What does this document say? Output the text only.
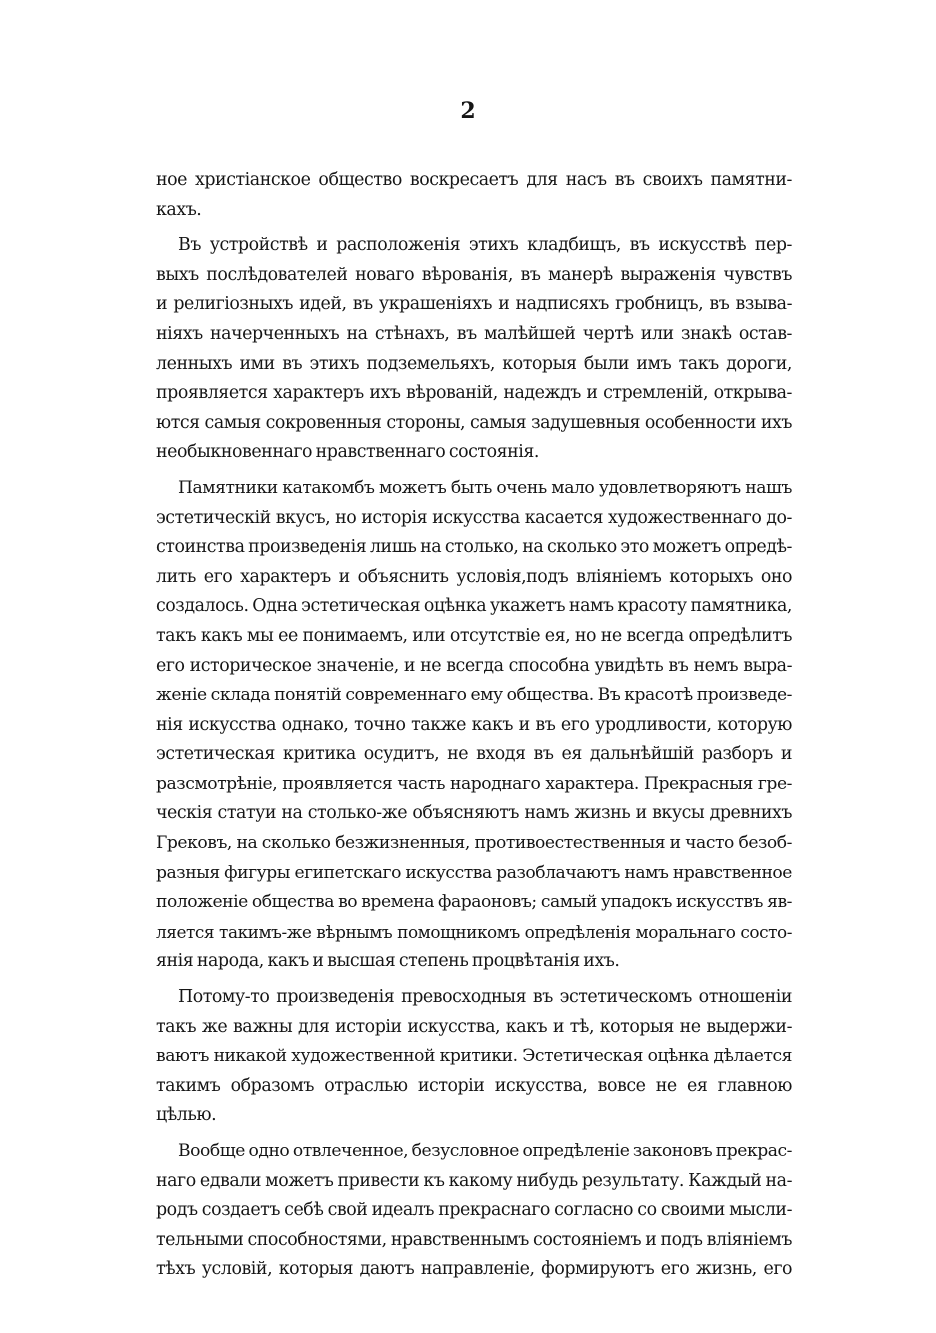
2
ное христіанское общество воскресаетъ для насъ въ своихъ памятни-
кахъ.
Въ устройствѣ и расположенія этихъ кладбищъ, въ искусствѣ пер-
выхъ послѣдователей новаго вѣрованія, въ манерѣ выраженія чувствъ
и религіозныхъ идей, въ украшеніяхъ и надписяхъ гробницъ, въ взыва-
ніяхъ начерченныхъ на стѣнахъ, въ малѣйшей чертѣ или знакѣ остав-
ленныхъ ими въ этихъ подземельяхъ, которыя были имъ такъ дороги,
проявляется характеръ ихъ вѣрованій, надеждъ и стремленій, открыва-
ются самыя сокровенныя стороны, самыя задушевныя особенности ихъ
необыкновеннаго нравственнаго состоянія.
Памятники катакомбъ можетъ быть очень мало удовлетворяютъ нашъ
эстетическій вкусъ, но исторія искусства касается художественнаго до-
стоинства произведенія лишь на столько, на сколько это можетъ опредѣ-
лить его характеръ и объяснить условія,подъ вліяніемъ которыхъ оно
создалось. Одна эстетическая оцѣнка укажетъ намъ красоту памятника,
такъ какъ мы ее понимаемъ, или отсутствіе ея, но не всегда опредѣлитъ
его историческое значеніе, и не всегда способна увидѣть въ немъ выра-
женіе склада понятій современнаго ему общества. Въ красотѣ произведе-
нія искусства однако, точно также какъ и въ его уродливости, которую
эстетическая критика осудитъ, не входя въ ея дальнѣйшій разборъ и
разсмотрѣніе, проявляется часть народнаго характера. Прекрасныя гре-
ческія статуи на столько-же объясняютъ намъ жизнь и вкусы древнихъ
Грековъ, на сколько безжизненныя, противоестественныя и часто безоб-
разныя фигуры египетскаго искусства разоблачаютъ намъ нравственное
положеніе общества во времена фараоновъ; самый упадокъ искусствъ яв-
ляется такимъ-же вѣрнымъ помощникомъ опредѣленія моральнаго состо-
янія народа, какъ и высшая степень процвѣтанія ихъ.
Потому-то произведенія превосходныя въ эстетическомъ отношеніи
такъ же важны для исторіи искусства, какъ и тѣ, которыя не выдержи-
ваютъ никакой художественной критики. Эстетическая оцѣнка дѣлается
такимъ образомъ отраслью исторіи искусства, вовсе не ея главною
цѣлью.
Вообще одно отвлеченное, безусловное опредѣленіе законовъ прекрас-
наго едвали можетъ привести къ какому нибудь результату. Каждый на-
родъ создаетъ себѣ свой идеалъ прекраснаго согласно со своими мысли-
тельными способностями, нравственнымъ состояніемъ и подъ вліяніемъ
тѣхъ условій, которыя даютъ направленіе, формируютъ его жизнь, его
